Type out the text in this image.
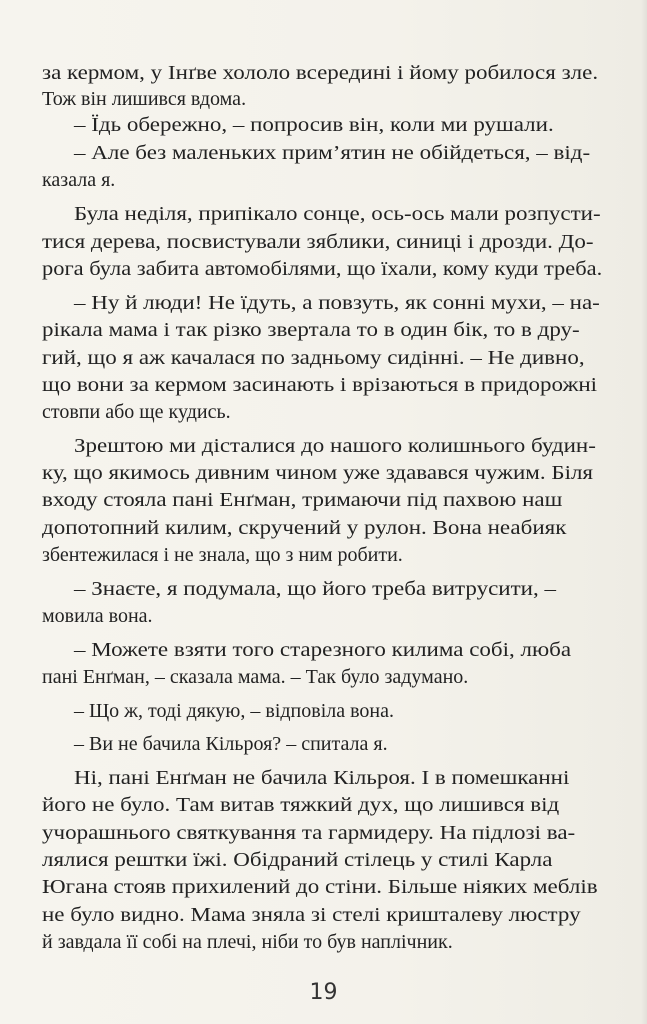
за кермом, у Інґве хололо всередині і йому робилося зле.
Тож він лишився вдома.
– Їдь обережно, – попросив він, коли ми рушали.
– Але без маленьких прим’ятин не обійдеться, – від-
казала я.
Була неділя, припікало сонце, ось-ось мали розпусти-
тися дерева, посвистували зяблики, синиці і дрозди. До-
рога була забита автомобілями, що їхали, кому куди треба.
– Ну й люди! Не їдуть, а повзуть, як сонні мухи, – на-
рікала мама і так різко звертала то в один бік, то в дру-
гий, що я аж качалася по задньому сидінні. – Не дивно,
що вони за кермом засинають і врізаються в придорожні
стовпи або ще кудись.
Зрештою ми дісталися до нашого колишнього будин-
ку, що якимось дивним чином уже здавався чужим. Біля
входу стояла пані Енґман, тримаючи під пахвою наш
допотопний килим, скручений у рулон. Вона неабияк
збентежилася і не знала, що з ним робити.
– Знаєте, я подумала, що його треба витрусити, –
мовила вона.
– Можете взяти того старезного килима собі, люба
пані Енґман, – сказала мама. – Так було задумано.
– Що ж, тоді дякую, – відповіла вона.
– Ви не бачила Кільроя? – спитала я.
Ні, пані Енґман не бачила Кільроя. І в помешканні
його не було. Там витав тяжкий дух, що лишився від
учорашнього святкування та гармидеру. На підлозі ва-
лялися рештки їжі. Обідраний стілець у стилі Карла
Югана стояв прихилений до стіни. Більше ніяких меблів
не було видно. Мама зняла зі стелі кришталеву люстру
й завдала її собі на плечі, ніби то був наплічник.
19
